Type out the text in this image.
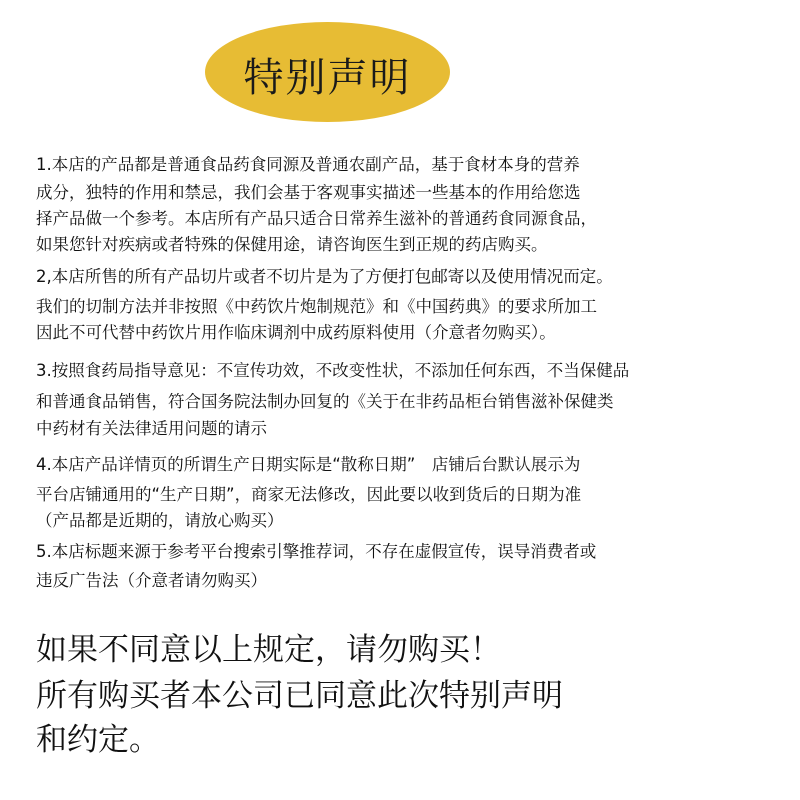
特别声明
1.本店的产品都是普通食品药食同源及普通农副产品，基于食材本身的营养
成分，独特的作用和禁忌，我们会基于客观事实描述一些基本的作用给您选
择产品做一个参考。本店所有产品只适合日常养生滋补的普通药食同源食品，
如果您针对疾病或者特殊的保健用途，请咨询医生到正规的药店购买。
2,本店所售的所有产品切片或者不切片是为了方便打包邮寄以及使用情况而定。
我们的切制方法并非按照《中药饮片炮制规范》和《中国药典》的要求所加工
因此不可代替中药饮片用作临床调剂中成药原料使用（介意者勿购买）。
3.按照食药局指导意见：不宣传功效，不改变性状，不添加任何东西，不当保健品
和普通食品销售，符合国务院法制办回复的《关于在非药品柜台销售滋补保健类
中药材有关法律适用问题的请示
4.本店产品详情页的所谓生产日期实际是“散称日期”　店铺后台默认展示为
平台店铺通用的“生产日期”，商家无法修改，因此要以收到货后的日期为准
（产品都是近期的，请放心购买）
5.本店标题来源于参考平台搜索引擎推荐词，不存在虚假宣传，误导消费者或
违反广告法（介意者请勿购买）
如果不同意以上规定，请勿购买！
所有购买者本公司已同意此次特别声明
和约定。
